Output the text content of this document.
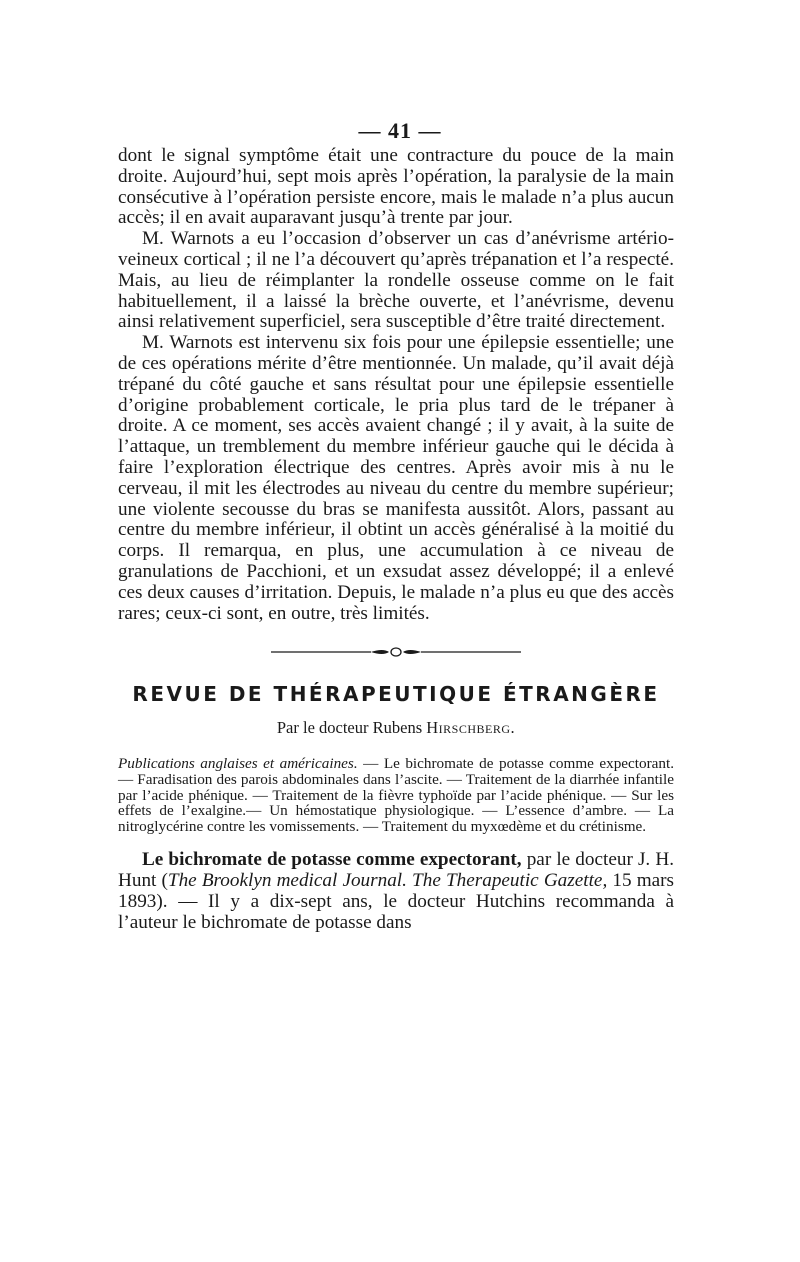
— 41 —

dont le signal symptôme était une contracture du pouce de la main droite. Aujourd’hui, sept mois après l’opération, la paralysie de la main consécutive à l’opération persiste encore, mais le malade n’a plus aucun accès; il en avait auparavant jusqu’à trente par jour.

M. Warnots a eu l’occasion d’observer un cas d’anévrisme artério-veineux cortical ; il ne l’a découvert qu’après trépanation et l’a respecté. Mais, au lieu de réimplanter la rondelle osseuse comme on le fait habituellement, il a laissé la brèche ouverte, et l’anévrisme, devenu ainsi relativement superficiel, sera susceptible d’être traité directement.

M. Warnots est intervenu six fois pour une épilepsie essentielle; une de ces opérations mérite d’être mentionnée. Un malade, qu’il avait déjà trépané du côté gauche et sans résultat pour une épilepsie essentielle d’origine probablement corticale, le pria plus tard de le trépaner à droite. A ce moment, ses accès avaient changé ; il y avait, à la suite de l’attaque, un tremblement du membre inférieur gauche qui le décida à faire l’exploration électrique des centres. Après avoir mis à nu le cerveau, il mit les électrodes au niveau du centre du membre supérieur; une violente secousse du bras se manifesta aussitôt. Alors, passant au centre du membre inférieur, il obtint un accès généralisé à la moitié du corps. Il remarqua, en plus, une accumulation à ce niveau de granulations de Pacchioni, et un exsudat assez développé; il a enlevé ces deux causes d’irritation. Depuis, le malade n’a plus eu que des accès rares; ceux-ci sont, en outre, très limités.

REVUE DE THÉRAPEUTIQUE ÉTRANGÈRE
Par le docteur Rubens Hirschberg.

Publications anglaises et américaines. — Le bichromate de potasse comme expectorant. — Faradisation des parois abdominales dans l’ascite. — Traitement de la diarrhée infantile par l’acide phénique. — Traitement de la fièvre typhoïde par l’acide phénique. — Sur les effets de l’exalgine.— Un hémostatique physiologique. — L’essence d’ambre. — La nitroglycérine contre les vomissements. — Traitement du myxœdème et du crétinisme.

Le bichromate de potasse comme expectorant, par le docteur J. H. Hunt (The Brooklyn medical Journal. The Therapeutic Gazette, 15 mars 1893). — Il y a dix-sept ans, le docteur Hutchins recommanda à l’auteur le bichromate de potasse dans
